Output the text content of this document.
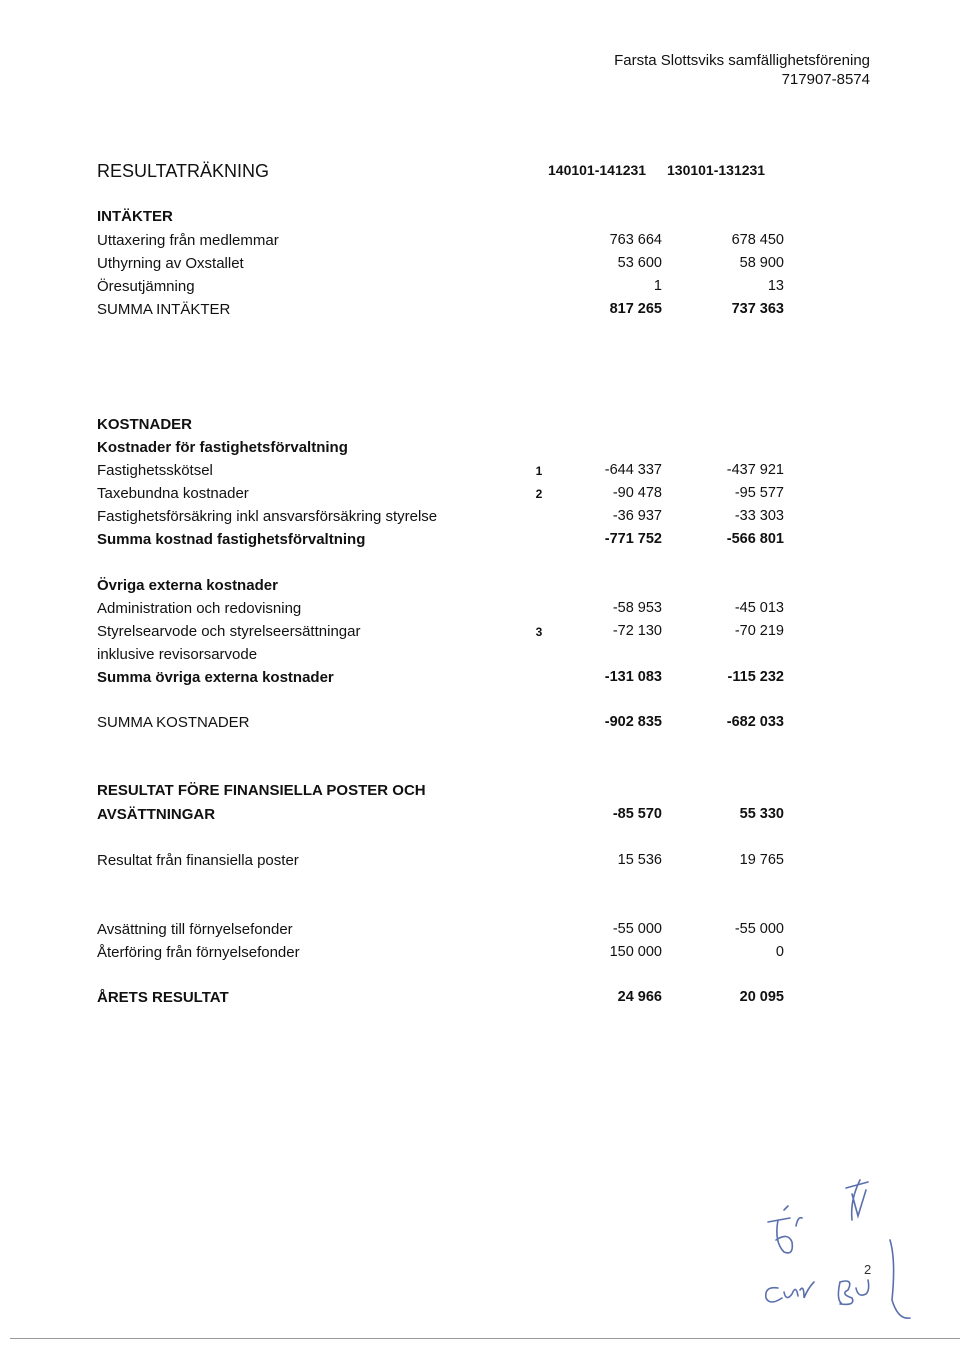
Farsta Slottsviks samfällighetsförening
717907-8574
RESULTATRÄKNING	140101-141231 130101-131231
INTÄKTER
Uttaxering från medlemmar	763 664	678 450
Uthyrning av Oxstallet	53 600	58 900
Öresutjämning	1	13
SUMMA INTÄKTER	817 265	737 363
KOSTNADER
Kostnader för fastighetsförvaltning
Fastighetsskötsel	1	-644 337	-437 921
Taxebundna kostnader	2	-90 478	-95 577
Fastighetsförsäkring inkl ansvarsförsäkring styrelse	-36 937	-33 303
Summa kostnad fastighetsförvaltning	-771 752	-566 801
Övriga externa kostnader
Administration och redovisning	-58 953	-45 013
Styrelsearvode och styrelseersättningar	3	-72 130	-70 219
inklusive revisorsarvode
Summa övriga externa kostnader	-131 083	-115 232
SUMMA KOSTNADER	-902 835	-682 033
RESULTAT FÖRE FINANSIELLA POSTER OCH
AVSÄTTNINGAR	-85 570	55 330
Resultat från finansiella poster	15 536	19 765
Avsättning till förnyelsefonder	-55 000	-55 000
Återföring från förnyelsefonder	150 000	0
ÅRETS RESULTAT	24 966	20 095
2
